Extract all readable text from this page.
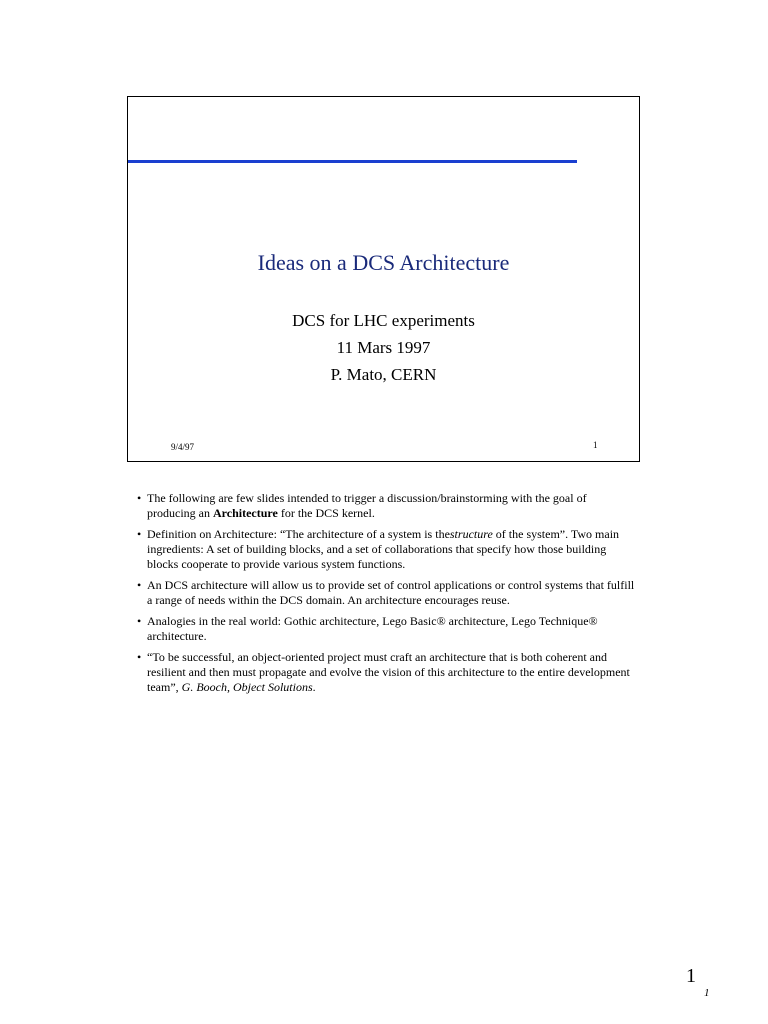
Ideas on a DCS Architecture
DCS for LHC experiments
11 Mars 1997
P. Mato, CERN
9/4/97	1
• The following are few slides intended to trigger a discussion/brainstorming with the goal of producing an Architecture for the DCS kernel.
• Definition on Architecture: “The architecture of a system is thestructure of the system”. Two main ingredients: A set of building blocks, and a set of collaborations that specify how those building blocks cooperate to provide various system functions.
• An DCS architecture will allow us to provide set of control applications or control systems that fulfill a range of needs within the DCS domain. An architecture encourages reuse.
• Analogies in the real world: Gothic architecture, Lego Basic® architecture, Lego Technique® architecture.
• “To be successful, an object-oriented project must craft an architecture that is both coherent and resilient and then must propagate and evolve the vision of this architecture to the entire development team”, G. Booch, Object Solutions.
1
1
